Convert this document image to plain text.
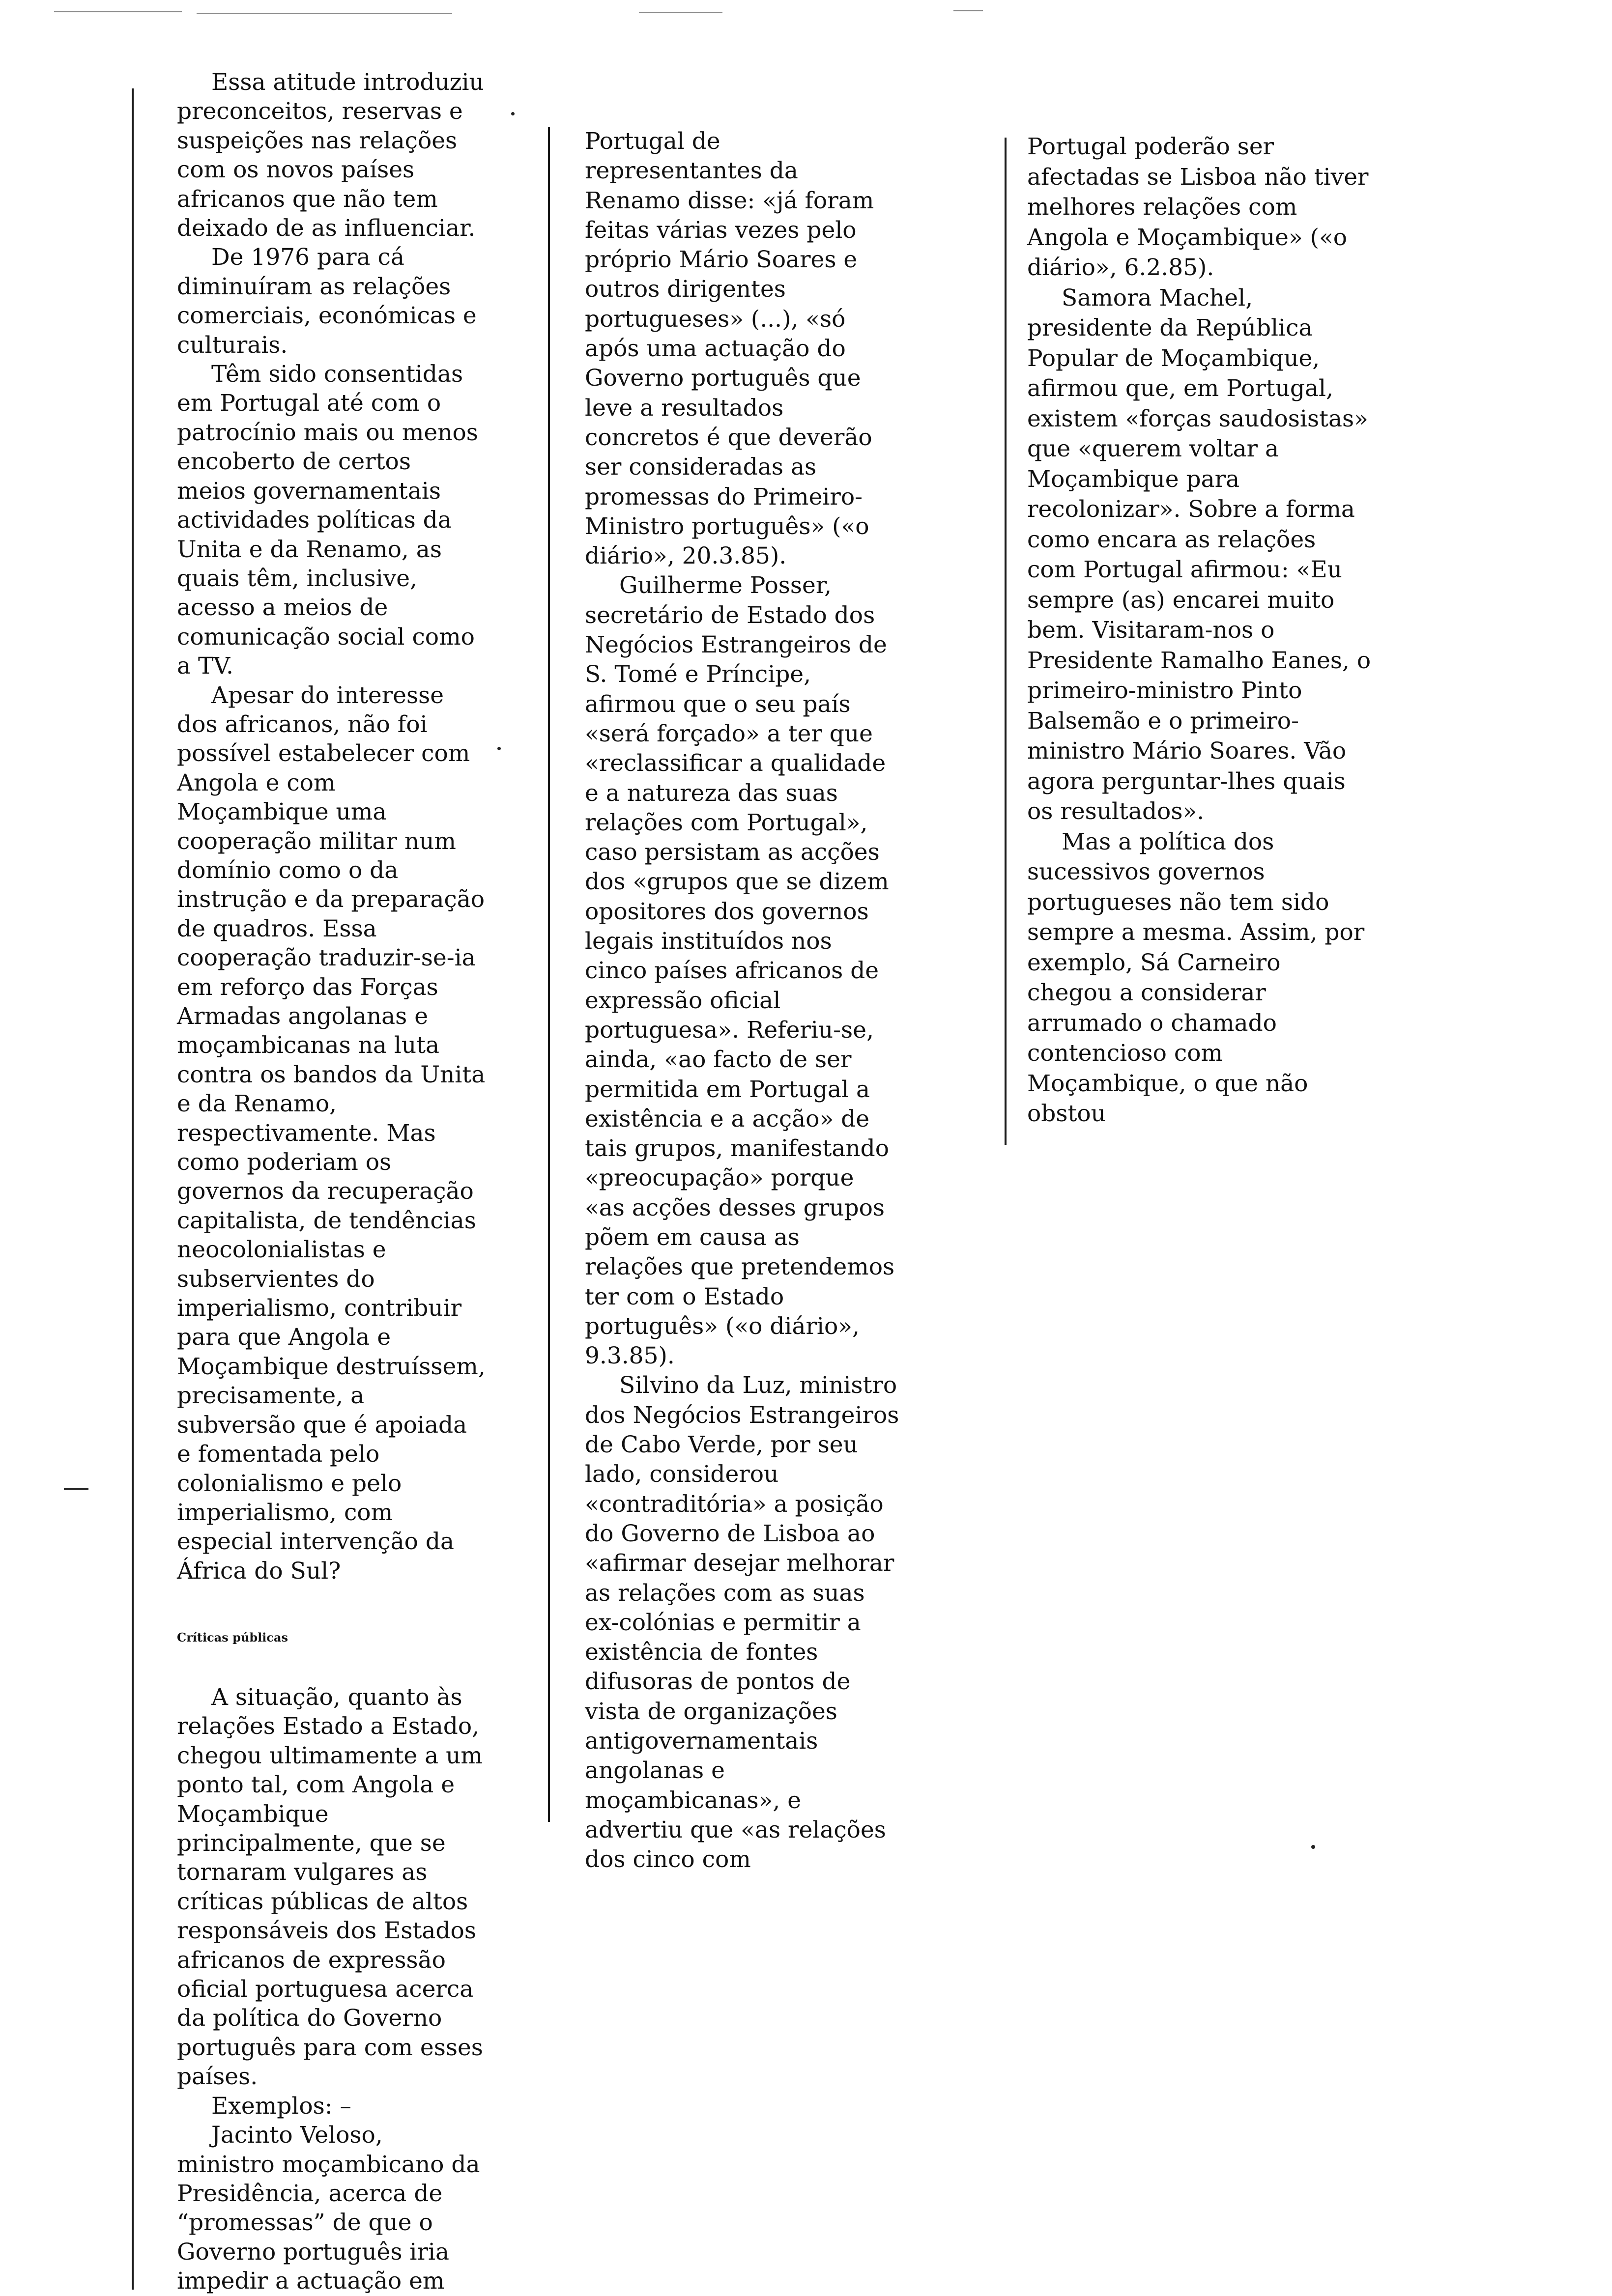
Essa atitude introduziu preconceitos, reservas e suspeições nas relações com os novos países africanos que não tem deixado de as influenciar.

De 1976 para cá diminuíram as relações comerciais, económicas e culturais.

Têm sido consentidas em Portugal até com o patrocínio mais ou menos encoberto de certos meios governamentais actividades políticas da Unita e da Renamo, as quais têm, inclusive, acesso a meios de comunicação social como a TV.

Apesar do interesse dos africanos, não foi possível estabelecer com Angola e com Moçambique uma cooperação militar num domínio como o da instrução e da preparação de quadros. Essa cooperação traduzir-se-ia em reforço das Forças Armadas angolanas e moçambicanas na luta contra os bandos da Unita e da Renamo, respectivamente. Mas como poderiam os governos da recuperação capitalista, de tendências neocolonialistas e subservientes do imperialismo, contribuir para que Angola e Moçambique destruíssem, precisamente, a subversão que é apoiada e fomentada pelo colonialismo e pelo imperialismo, com especial intervenção da África do Sul?

Críticas públicas

A situação, quanto às relações Estado a Estado, chegou ultimamente a um ponto tal, com Angola e Moçambique principalmente, que se tornaram vulgares as críticas públicas de altos responsáveis dos Estados africanos de expressão oficial portuguesa acerca da política do Governo português para com esses países.

Exemplos: –

Jacinto Veloso, ministro moçambicano da Presidência, acerca de “promessas” de que o Governo português iria impedir a actuação em

Portugal de representantes da Renamo disse: «já foram feitas várias vezes pelo próprio Mário Soares e outros dirigentes portugueses» (...), «só após uma actuação do Governo português que leve a resultados concretos é que deverão ser consideradas as promessas do Primeiro-Ministro português» («o diário», 20.3.85).

Guilherme Posser, secretário de Estado dos Negócios Estrangeiros de S. Tomé e Príncipe, afirmou que o seu país «será forçado» a ter que «reclassificar a qualidade e a natureza das suas relações com Portugal», caso persistam as acções dos «grupos que se dizem opositores dos governos legais instituídos nos cinco países africanos de expressão oficial portuguesa». Referiu-se, ainda, «ao facto de ser permitida em Portugal a existência e a acção» de tais grupos, manifestando «preocupação» porque «as acções desses grupos põem em causa as relações que pretendemos ter com o Estado português» («o diário», 9.3.85).

Silvino da Luz, ministro dos Negócios Estrangeiros de Cabo Verde, por seu lado, considerou «contraditória» a posição do Governo de Lisboa ao «afirmar desejar melhorar as relações com as suas ex-colónias e permitir a existência de fontes difusoras de pontos de vista de organizações antigovernamentais angolanas e moçambicanas», e advertiu que «as relações dos cinco com

Portugal poderão ser afectadas se Lisboa não tiver melhores relações com Angola e Moçambique» («o diário», 6.2.85).

Samora Machel, presidente da República Popular de Moçambique, afirmou que, em Portugal, existem «forças saudosistas» que «querem voltar a Moçambique para recolonizar». Sobre a forma como encara as relações com Portugal afirmou: «Eu sempre (as) encarei muito bem. Visitaram-nos o Presidente Ramalho Eanes, o primeiro-ministro Pinto Balsemão e o primeiro-ministro Mário Soares. Vão agora perguntar-lhes quais os resultados».

Mas a política dos sucessivos governos portugueses não tem sido sempre a mesma. Assim, por exemplo, Sá Carneiro chegou a considerar arrumado o chamado contencioso com Moçambique, o que não obstou
